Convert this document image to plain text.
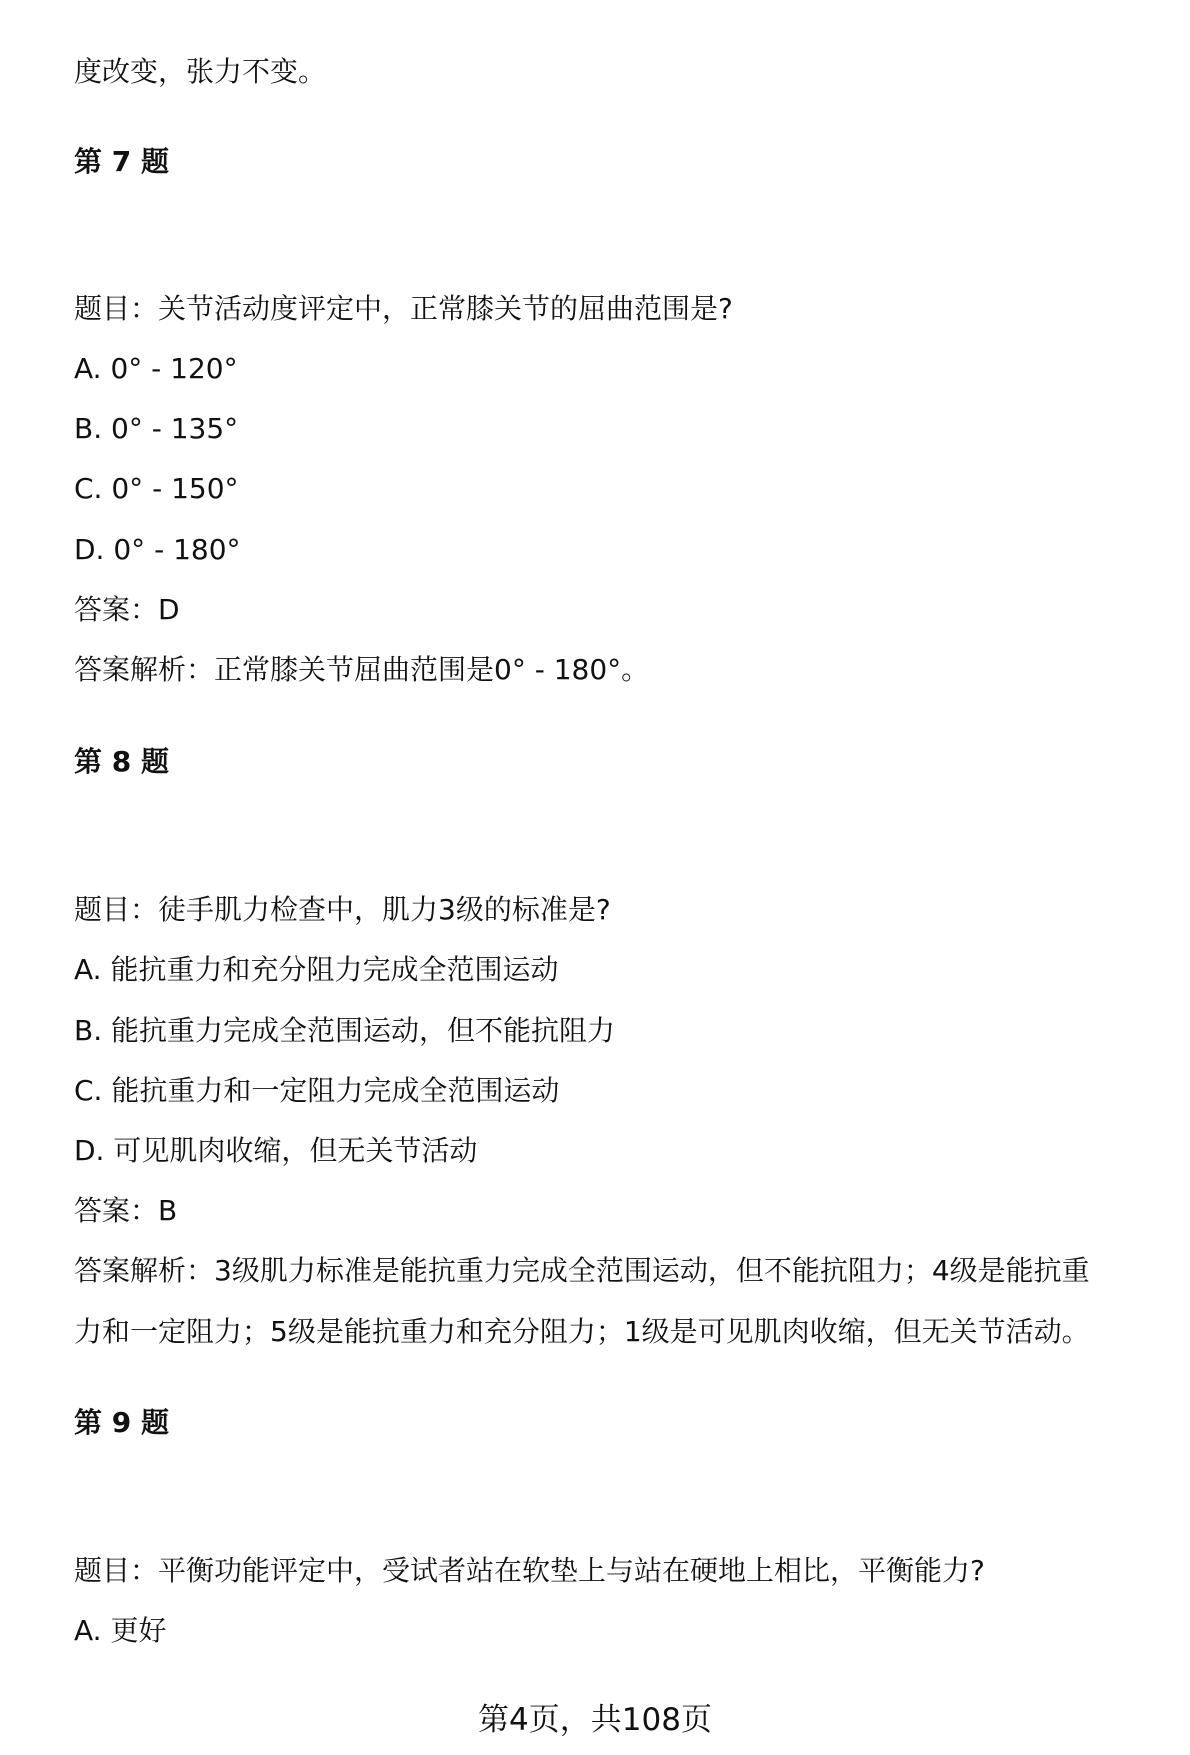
度改变，张力不变。
第 7 题
题目：关节活动度评定中，正常膝关节的屈曲范围是?
A. 0° - 120°
B. 0° - 135°
C. 0° - 150°
D. 0° - 180°
答案：D
答案解析：正常膝关节屈曲范围是0° - 180°。
第 8 题
题目：徒手肌力检查中，肌力3级的标准是?
A. 能抗重力和充分阻力完成全范围运动
B. 能抗重力完成全范围运动，但不能抗阻力
C. 能抗重力和一定阻力完成全范围运动
D. 可见肌肉收缩，但无关节活动
答案：B
答案解析：3级肌力标准是能抗重力完成全范围运动，但不能抗阻力；4级是能抗重
力和一定阻力；5级是能抗重力和充分阻力；1级是可见肌肉收缩，但无关节活动。
第 9 题
题目：平衡功能评定中，受试者站在软垫上与站在硬地上相比，平衡能力?
A. 更好
第4页，共108页
